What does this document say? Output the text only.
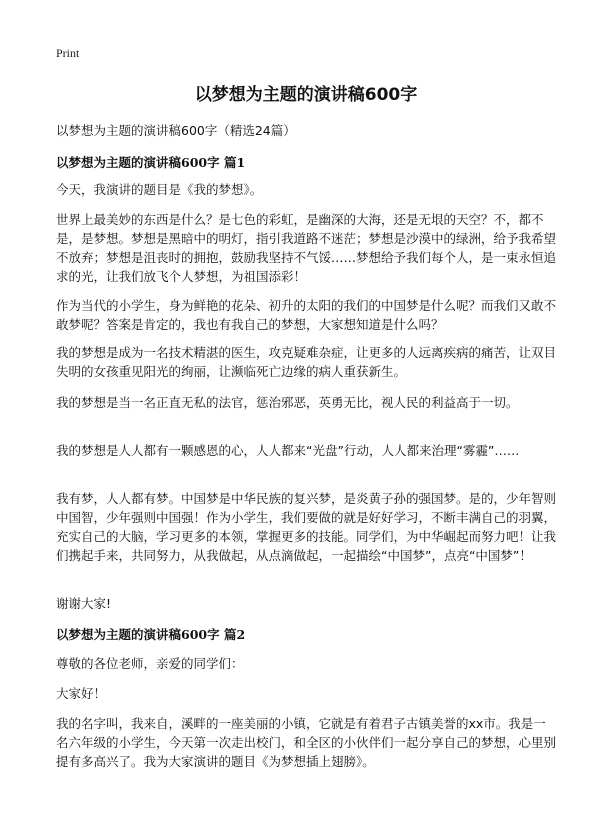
Print
以梦想为主题的演讲稿600字

以梦想为主题的演讲稿600字（精选24篇）

以梦想为主题的演讲稿600字 篇1

今天，我演讲的题目是《我的梦想》。

世界上最美妙的东西是什么？是七色的彩虹，是幽深的大海，还是无垠的天空？不，都不是，是梦想。梦想是黑暗中的明灯，指引我道路不迷茫；梦想是沙漠中的绿洲，给予我希望不放弃；梦想是沮丧时的拥抱，鼓励我坚持不气馁……梦想给予我们每个人，是一束永恒追求的光，让我们放飞个人梦想，为祖国添彩！

作为当代的小学生，身为鲜艳的花朵、初升的太阳的我们的中国梦是什么呢？而我们又敢不敢梦呢？答案是肯定的，我也有我自己的梦想，大家想知道是什么吗？

我的梦想是成为一名技术精湛的医生，攻克疑难杂症，让更多的人远离疾病的痛苦，让双目失明的女孩重见阳光的绚丽，让濒临死亡边缘的病人重获新生。

我的梦想是当一名正直无私的法官，惩治邪恶，英勇无比，视人民的利益高于一切。

我的梦想是人人都有一颗感恩的心，人人都来“光盘”行动，人人都来治理“雾霾”……

我有梦，人人都有梦。中国梦是中华民族的复兴梦，是炎黄子孙的强国梦。是的，少年智则中国智，少年强则中国强！作为小学生，我们要做的就是好好学习，不断丰满自己的羽翼，充实自己的大脑，学习更多的本领，掌握更多的技能。同学们，为中华崛起而努力吧！让我们携起手来，共同努力，从我做起，从点滴做起，一起描绘“中国梦”，点亮“中国梦”！

谢谢大家!

以梦想为主题的演讲稿600字 篇2

尊敬的各位老师，亲爱的同学们：

大家好！

我的名字叫，我来自，溪畔的一座美丽的小镇，它就是有着君子古镇美誉的xx市。我是一名六年级的小学生，今天第一次走出校门，和全区的小伙伴们一起分享自己的梦想，心里别提有多高兴了。我为大家演讲的题目《为梦想插上翅膀》。
